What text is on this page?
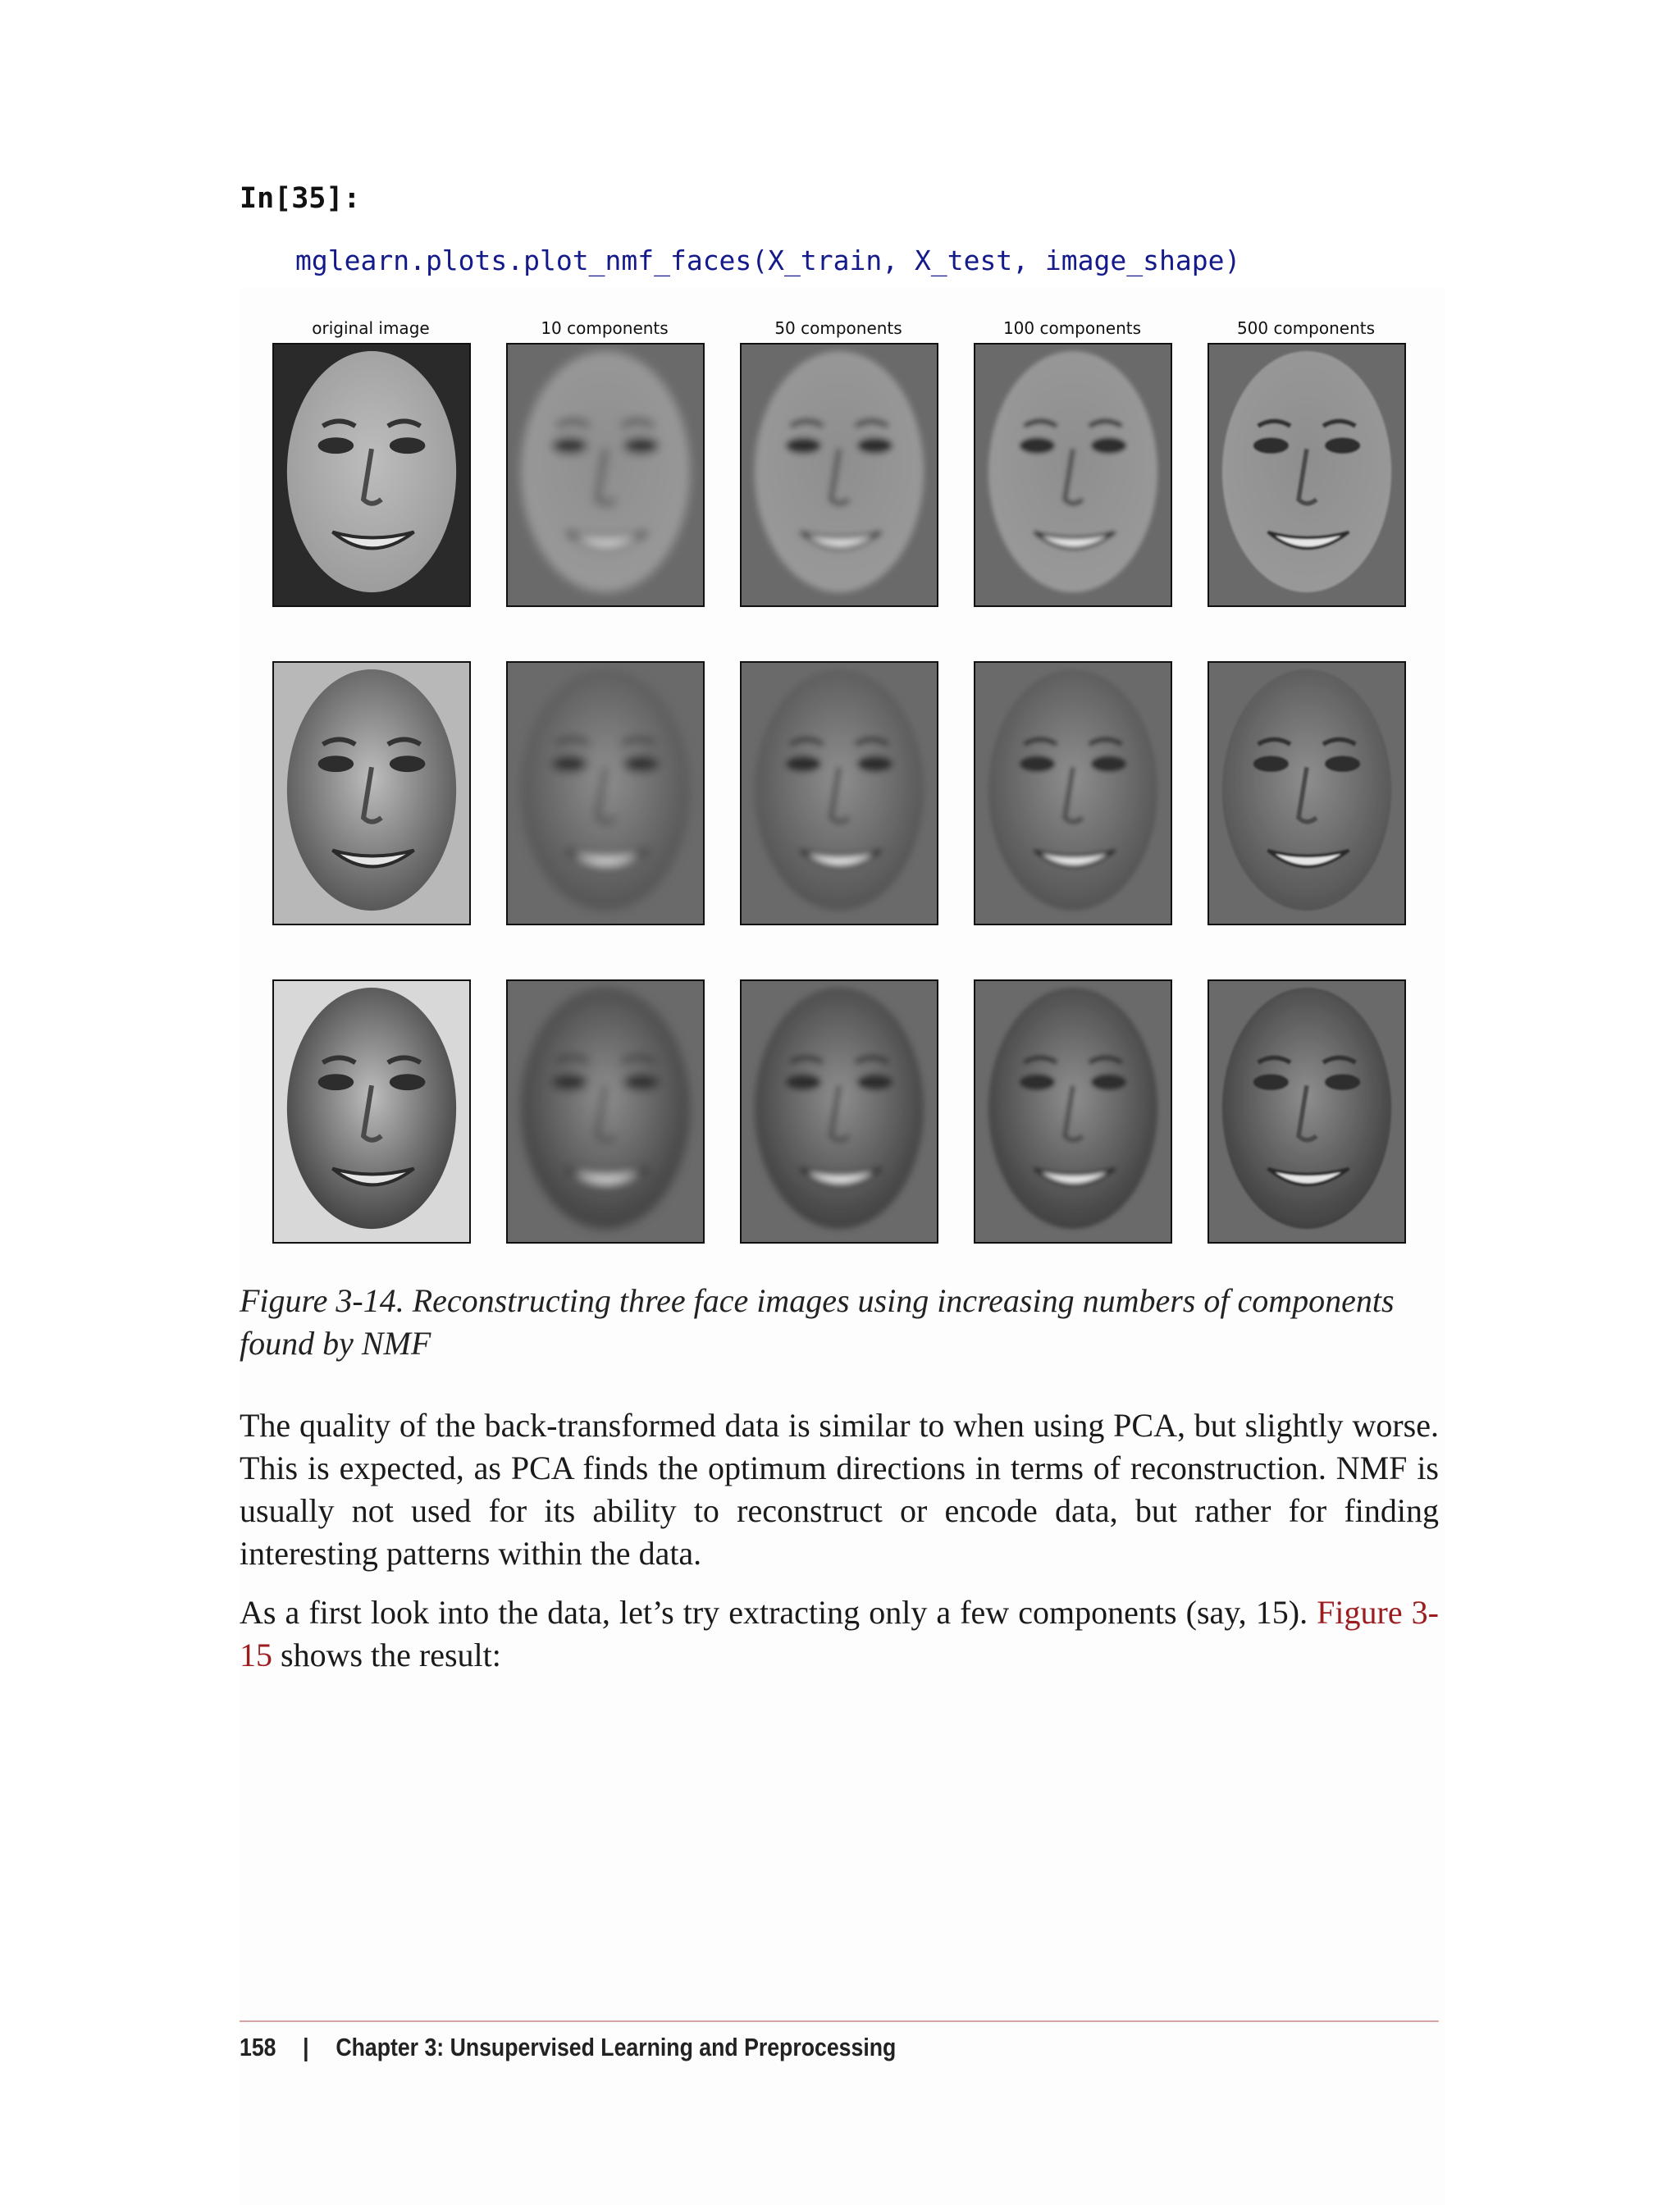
In[35]:
mglearn.plots.plot_nmf_faces(X_train, X_test, image_shape)
original image	10 components	50 components	100 components	500 components
Figure 3-14. Reconstructing three face images using increasing numbers of components found by NMF
The quality of the back-transformed data is similar to when using PCA, but slightly worse. This is expected, as PCA finds the optimum directions in terms of reconstruction. NMF is usually not used for its ability to reconstruct or encode data, but rather for finding interesting patterns within the data.
As a first look into the data, let’s try extracting only a few components (say, 15). Figure 3-15 shows the result:
158 | Chapter 3: Unsupervised Learning and Preprocessing
